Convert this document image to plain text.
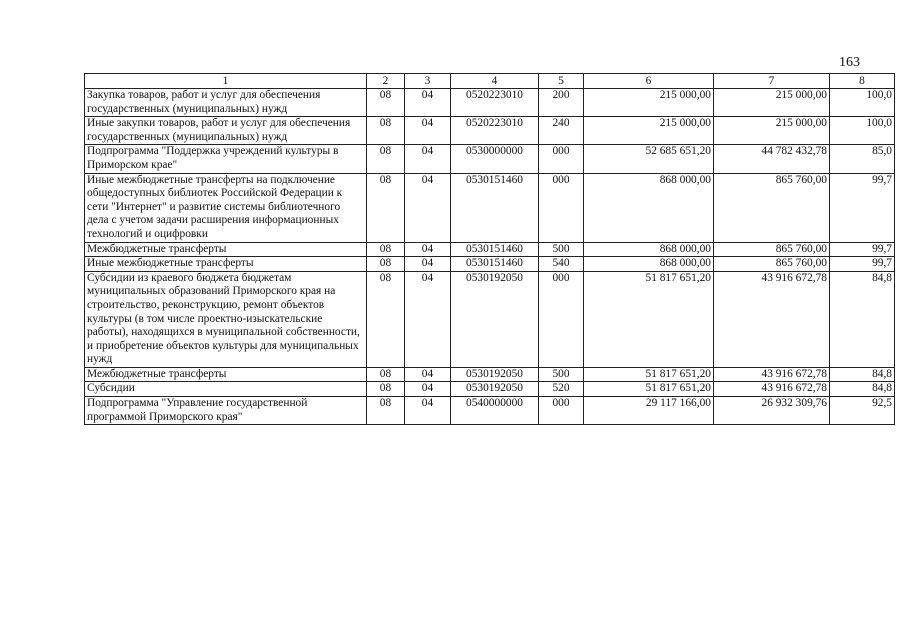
163
1	2	3	4	5	6	7	8
Закупка товаров, работ и услуг для обеспечения государственных (муниципальных) нужд	08	04	0520223010	200	215 000,00	215 000,00	100,0
Иные закупки товаров, работ и услуг для обеспечения государственных (муниципальных) нужд	08	04	0520223010	240	215 000,00	215 000,00	100,0
Подпрограмма "Поддержка учреждений культуры в Приморском крае"	08	04	0530000000	000	52 685 651,20	44 782 432,78	85,0
Иные межбюджетные трансферты на подключение общедоступных библиотек Российской Федерации к сети "Интернет" и развитие системы библиотечного дела с учетом задачи расширения информационных технологий и оцифровки	08	04	0530151460	000	868 000,00	865 760,00	99,7
Межбюджетные трансферты	08	04	0530151460	500	868 000,00	865 760,00	99,7
Иные межбюджетные трансферты	08	04	0530151460	540	868 000,00	865 760,00	99,7
Субсидии из краевого бюджета бюджетам муниципальных образований Приморского края на строительство, реконструкцию, ремонт объектов культуры (в том числе проектно-изыскательские работы), находящихся в муниципальной собственности, и приобретение объектов культуры для муниципальных нужд	08	04	0530192050	000	51 817 651,20	43 916 672,78	84,8
Межбюджетные трансферты	08	04	0530192050	500	51 817 651,20	43 916 672,78	84,8
Субсидии	08	04	0530192050	520	51 817 651,20	43 916 672,78	84,8
Подпрограмма "Управление государственной программой Приморского края"	08	04	0540000000	000	29 117 166,00	26 932 309,76	92,5
